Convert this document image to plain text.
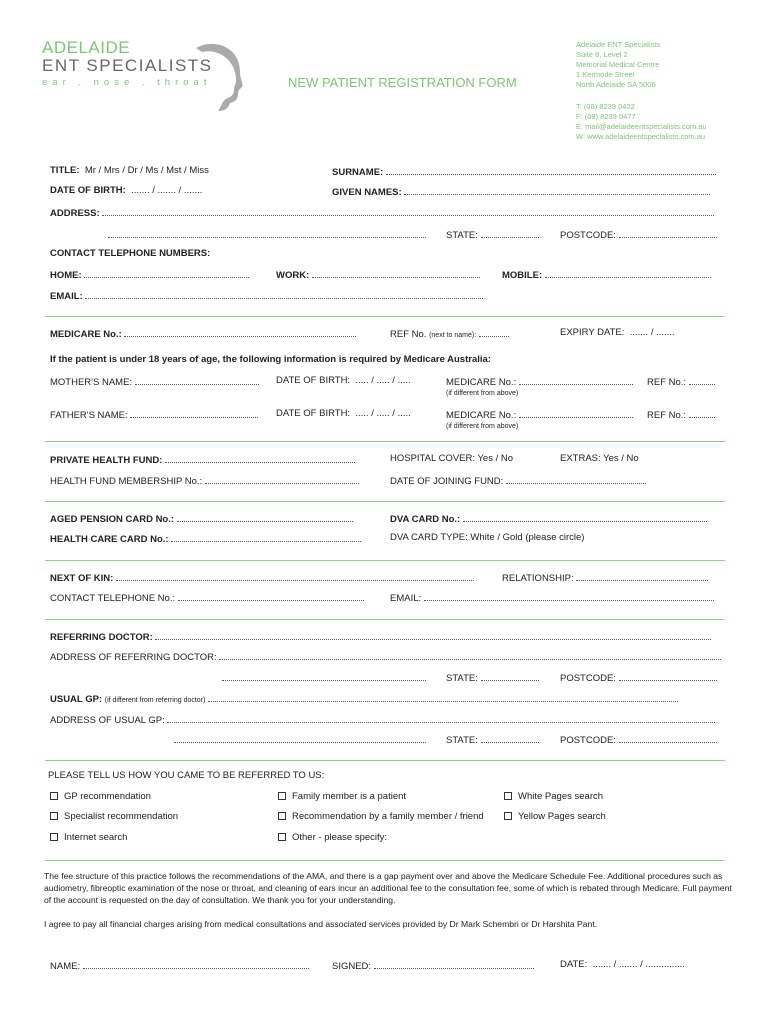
ADELAIDE
ENT SPECIALISTS
ear . nose . throat	NEW PATIENT REGISTRATION FORM
Adelaide ENT Specialists
Suite 8, Level 2
Memorial Medical Centre
1 Kermode Street
North Adelaide SA 5006
T: (08) 8239 0422
F: (08) 8239 0477
E: mail@adelaideentspecialists.com.au
W: www.adelaideentspecialists.com.au
TITLE: Mr / Mrs / Dr / Ms / Mst / Miss	SURNAME:
DATE OF BIRTH: ....... / ....... / .......	GIVEN NAMES:
ADDRESS:
STATE:	POSTCODE:
CONTACT TELEPHONE NUMBERS:
HOME:	WORK:	MOBILE:
EMAIL:
MEDICARE No.:	REF No. (next to name):	EXPIRY DATE: ....... / .......
If the patient is under 18 years of age, the following information is required by Medicare Australia:
MOTHER'S NAME:	DATE OF BIRTH: ..... / ..... / .....	MEDICARE No.:	REF No.:
(if different from above)
FATHER'S NAME:	DATE OF BIRTH: ..... / ..... / .....	MEDICARE No.:	REF No.:
(if different from above)
PRIVATE HEALTH FUND:	HOSPITAL COVER: Yes / No	EXTRAS: Yes / No
HEALTH FUND MEMBERSHIP No.:	DATE OF JOINING FUND:
AGED PENSION CARD No.:	DVA CARD No.:
HEALTH CARE CARD No.:	DVA CARD TYPE: White / Gold (please circle)
NEXT OF KIN:	RELATIONSHIP:
CONTACT TELEPHONE No.:	EMAIL:
REFERRING DOCTOR:
ADDRESS OF REFERRING DOCTOR:
STATE:	POSTCODE:
USUAL GP: (if different from referring doctor)
ADDRESS OF USUAL GP:
STATE:	POSTCODE:
PLEASE TELL US HOW YOU CAME TO BE REFERRED TO US:
GP recommendation	Family member is a patient	White Pages search
Specialist recommendation	Recommendation by a family member / friend	Yellow Pages search
Internet search	Other - please specify:
The fee structure of this practice follows the recommendations of the AMA, and there is a gap payment over and above the Medicare Schedule Fee. Additional procedures such as audiometry, fibreoptic examination of the nose or throat, and cleaning of ears incur an additional fee to the consultation fee, some of which is rebated through Medicare. Full payment of the account is requested on the day of consultation. We thank you for your understanding.
I agree to pay all financial charges arising from medical consultations and associated services provided by Dr Mark Schembri or Dr Harshita Pant.
NAME:	SIGNED:	DATE: ....... / ....... / ...............
